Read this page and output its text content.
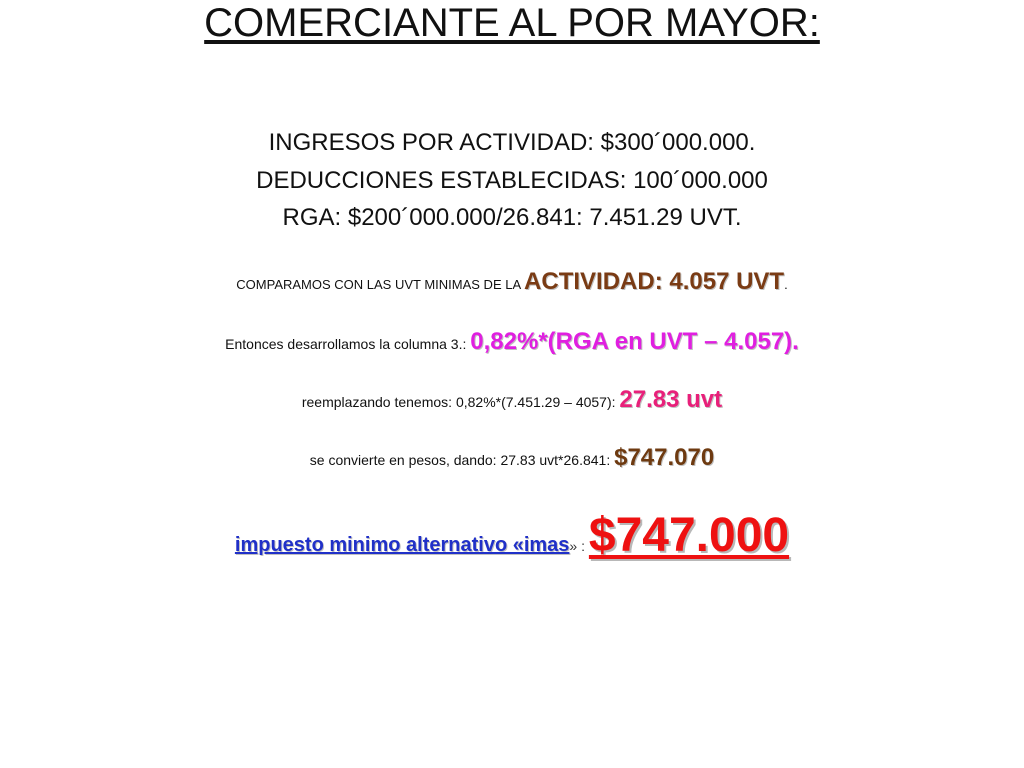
COMERCIANTE AL POR MAYOR:
INGRESOS POR ACTIVIDAD: $300´000.000.
DEDUCCIONES ESTABLECIDAS: 100´000.000
RGA: $200´000.000/26.841: 7.451.29 UVT.
COMPARAMOS CON LAS UVT MINIMAS DE LA ACTIVIDAD: 4.057 UVT.
Entonces desarrollamos la columna 3.: 0,82%*(RGA en UVT – 4.057).
reemplazando tenemos: 0,82%*(7.451.29 – 4057): 27.83 uvt
se convierte en pesos, dando: 27.83 uvt*26.841: $747.070
impuesto minimo alternativo «imas» : $747.000
